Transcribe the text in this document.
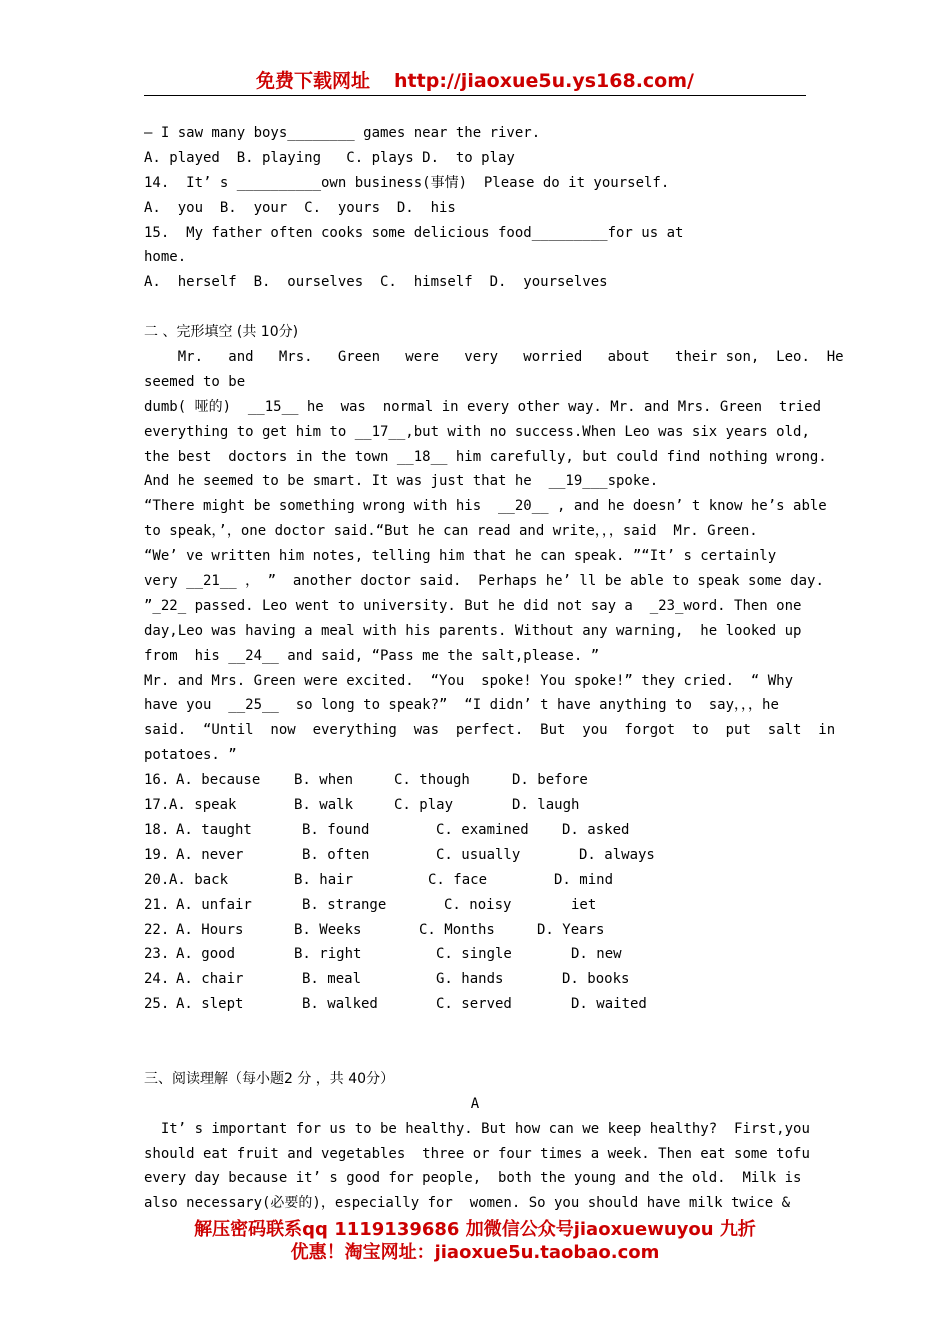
免费下载网址 http://jiaoxue5u.ys168.com/
— I saw many boys________ games near the river.
A. played  B. playing   C. plays D.  to play
14.  It’ s __________own business(事情)  Please do it yourself.
A.  you  B.  your  C.  yours  D.  his
15.  My father often cooks some delicious food_________for us at
home.
A.  herself  B.  ourselves  C.  himself  D.  yourselves
二 、完形填空 (共 10分)
Mr.   and   Mrs.   Green   were   very   worried   about   their son,  Leo.  He
seemed to be
dumb( 哑的)  __15__ he  was  normal in every other way. Mr. and Mrs. Green  tried
everything to get him to __17__,but with no success.When Leo was six years old,
the best  doctors in the town __18__ him carefully, but could find nothing wrong.
And he seemed to be smart. It was just that he  __19___spoke.
“There might be something wrong with his  __20__ , and he doesn’ t know he’s able
to speak，’，one doctor said.“But he can read and write，，，said  Mr. Green.
“We’ ve written him notes, telling him that he can speak. ”“It’ s certainly
very __21__ ， ”  another doctor said.  Perhaps he’ ll be able to speak some day.
”_22_ passed. Leo went to university. But he did not say a  _23_word. Then one
day,Leo was having a meal with his parents. Without any warning,  he looked up
from  his __24__ and said, “Pass me the salt,please. ”
Mr. and Mrs. Green were excited.  “You  spoke! You spoke!” they cried.  “ Why
have you  __25__  so long to speak?”  “I didn’ t have anything to  say，，，he
said.  “Until  now  everything  was  perfect.  But  you  forgot  to  put  salt  in
potatoes. ”
16. A. because B. when	C. though	D. before
17. A. speak	B. walk	C. play	D. laugh
18. A. taught	B. found	C. examined D. asked
19. A. never	B. often	C. usually	D. always
20. A. back	B. hair	C. face	D. mind
21. A. unfair	B. strange	C. noisy	iet
22. A. Hours	B. Weeks	C. Months	D. Years
23. A. good	B. right	C. single	D. new
24. A. chair	B. meal	G. hands	D. books
25. A. slept	B. walked	C. served	D. waited
三、阅读理解（每小题2 分 ，共 40分）
A
It’ s important for us to be healthy. But how can we keep healthy?  First,you
should eat fruit and vegetables  three or four times a week. Then eat some tofu
every day because it’ s good for people,  both the young and the old.  Milk is
also necessary(必要的)，especially for  women. So you should have milk twice &
解压密码联系qq 1119139686 加微信公众号jiaoxuewuyou 九折
优惠！淘宝网址：jiaoxue5u.taobao.com
